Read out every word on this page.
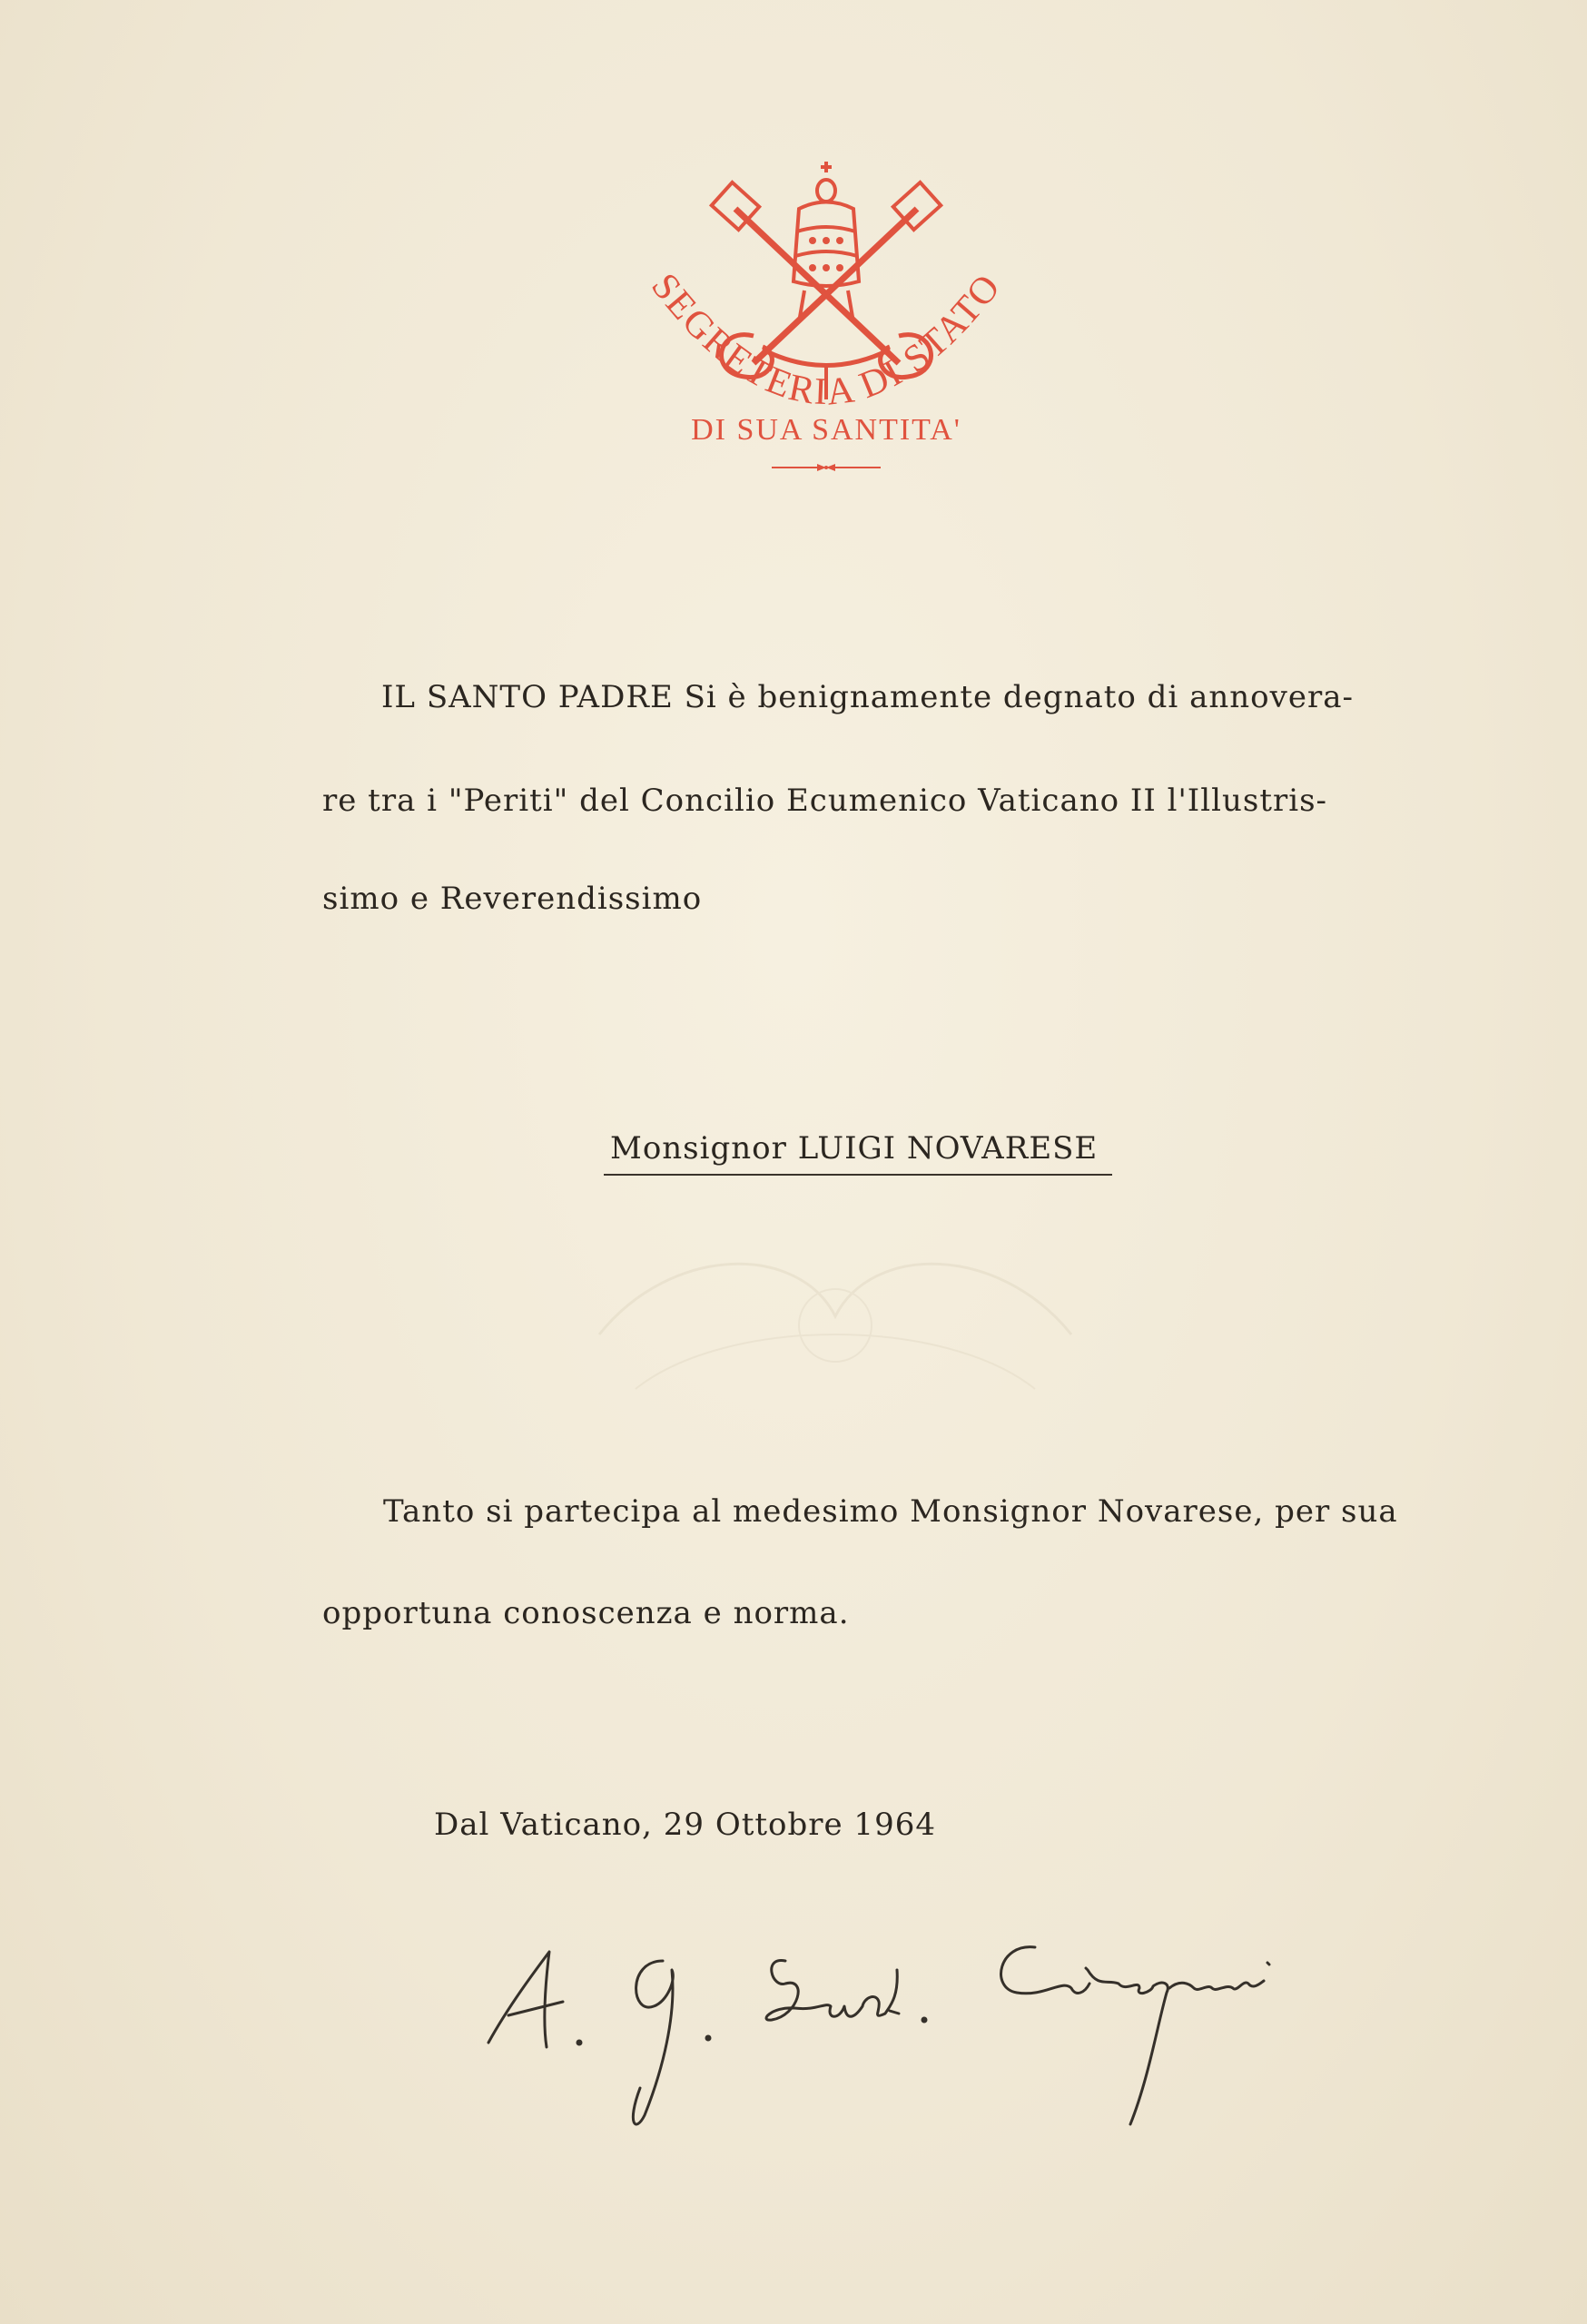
SEGRETERIA DI STATO
DI SUA SANTITA'
IL SANTO PADRE Si è benignamente degnato di annovera-
re tra i "Periti" del Concilio Ecumenico Vaticano II l'Illustris-
simo e Reverendissimo
Monsignor LUIGI NOVARESE
Tanto si partecipa al medesimo Monsignor Novarese, per sua
opportuna conoscenza e norma.
Dal Vaticano, 29 Ottobre 1964
